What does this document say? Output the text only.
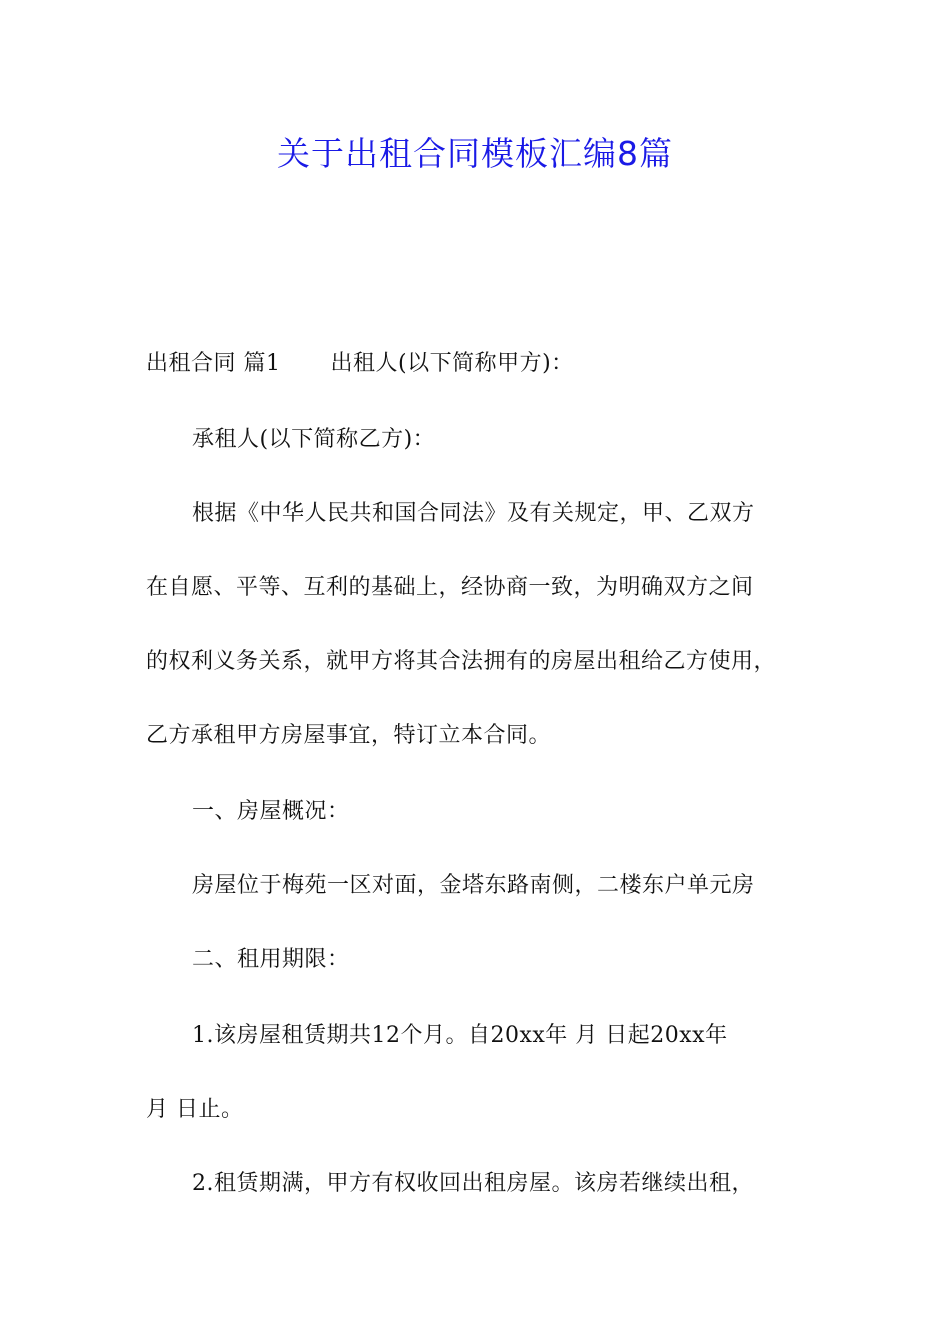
关于出租合同模板汇编8篇
出租合同 篇1 出租人(以下简称甲方)：
承租人(以下简称乙方)：
根据《中华人民共和国合同法》及有关规定，甲、乙双方
在自愿、平等、互利的基础上，经协商一致，为明确双方之间
的权利义务关系，就甲方将其合法拥有的房屋出租给乙方使用，
乙方承租甲方房屋事宜，特订立本合同。
一、房屋概况：
房屋位于梅苑一区对面，金塔东路南侧，二楼东户单元房
二、租用期限：
1.该房屋租赁期共12个月。自20xx年 月 日起20xx年
月 日止。
2.租赁期满，甲方有权收回出租房屋。该房若继续出租，
